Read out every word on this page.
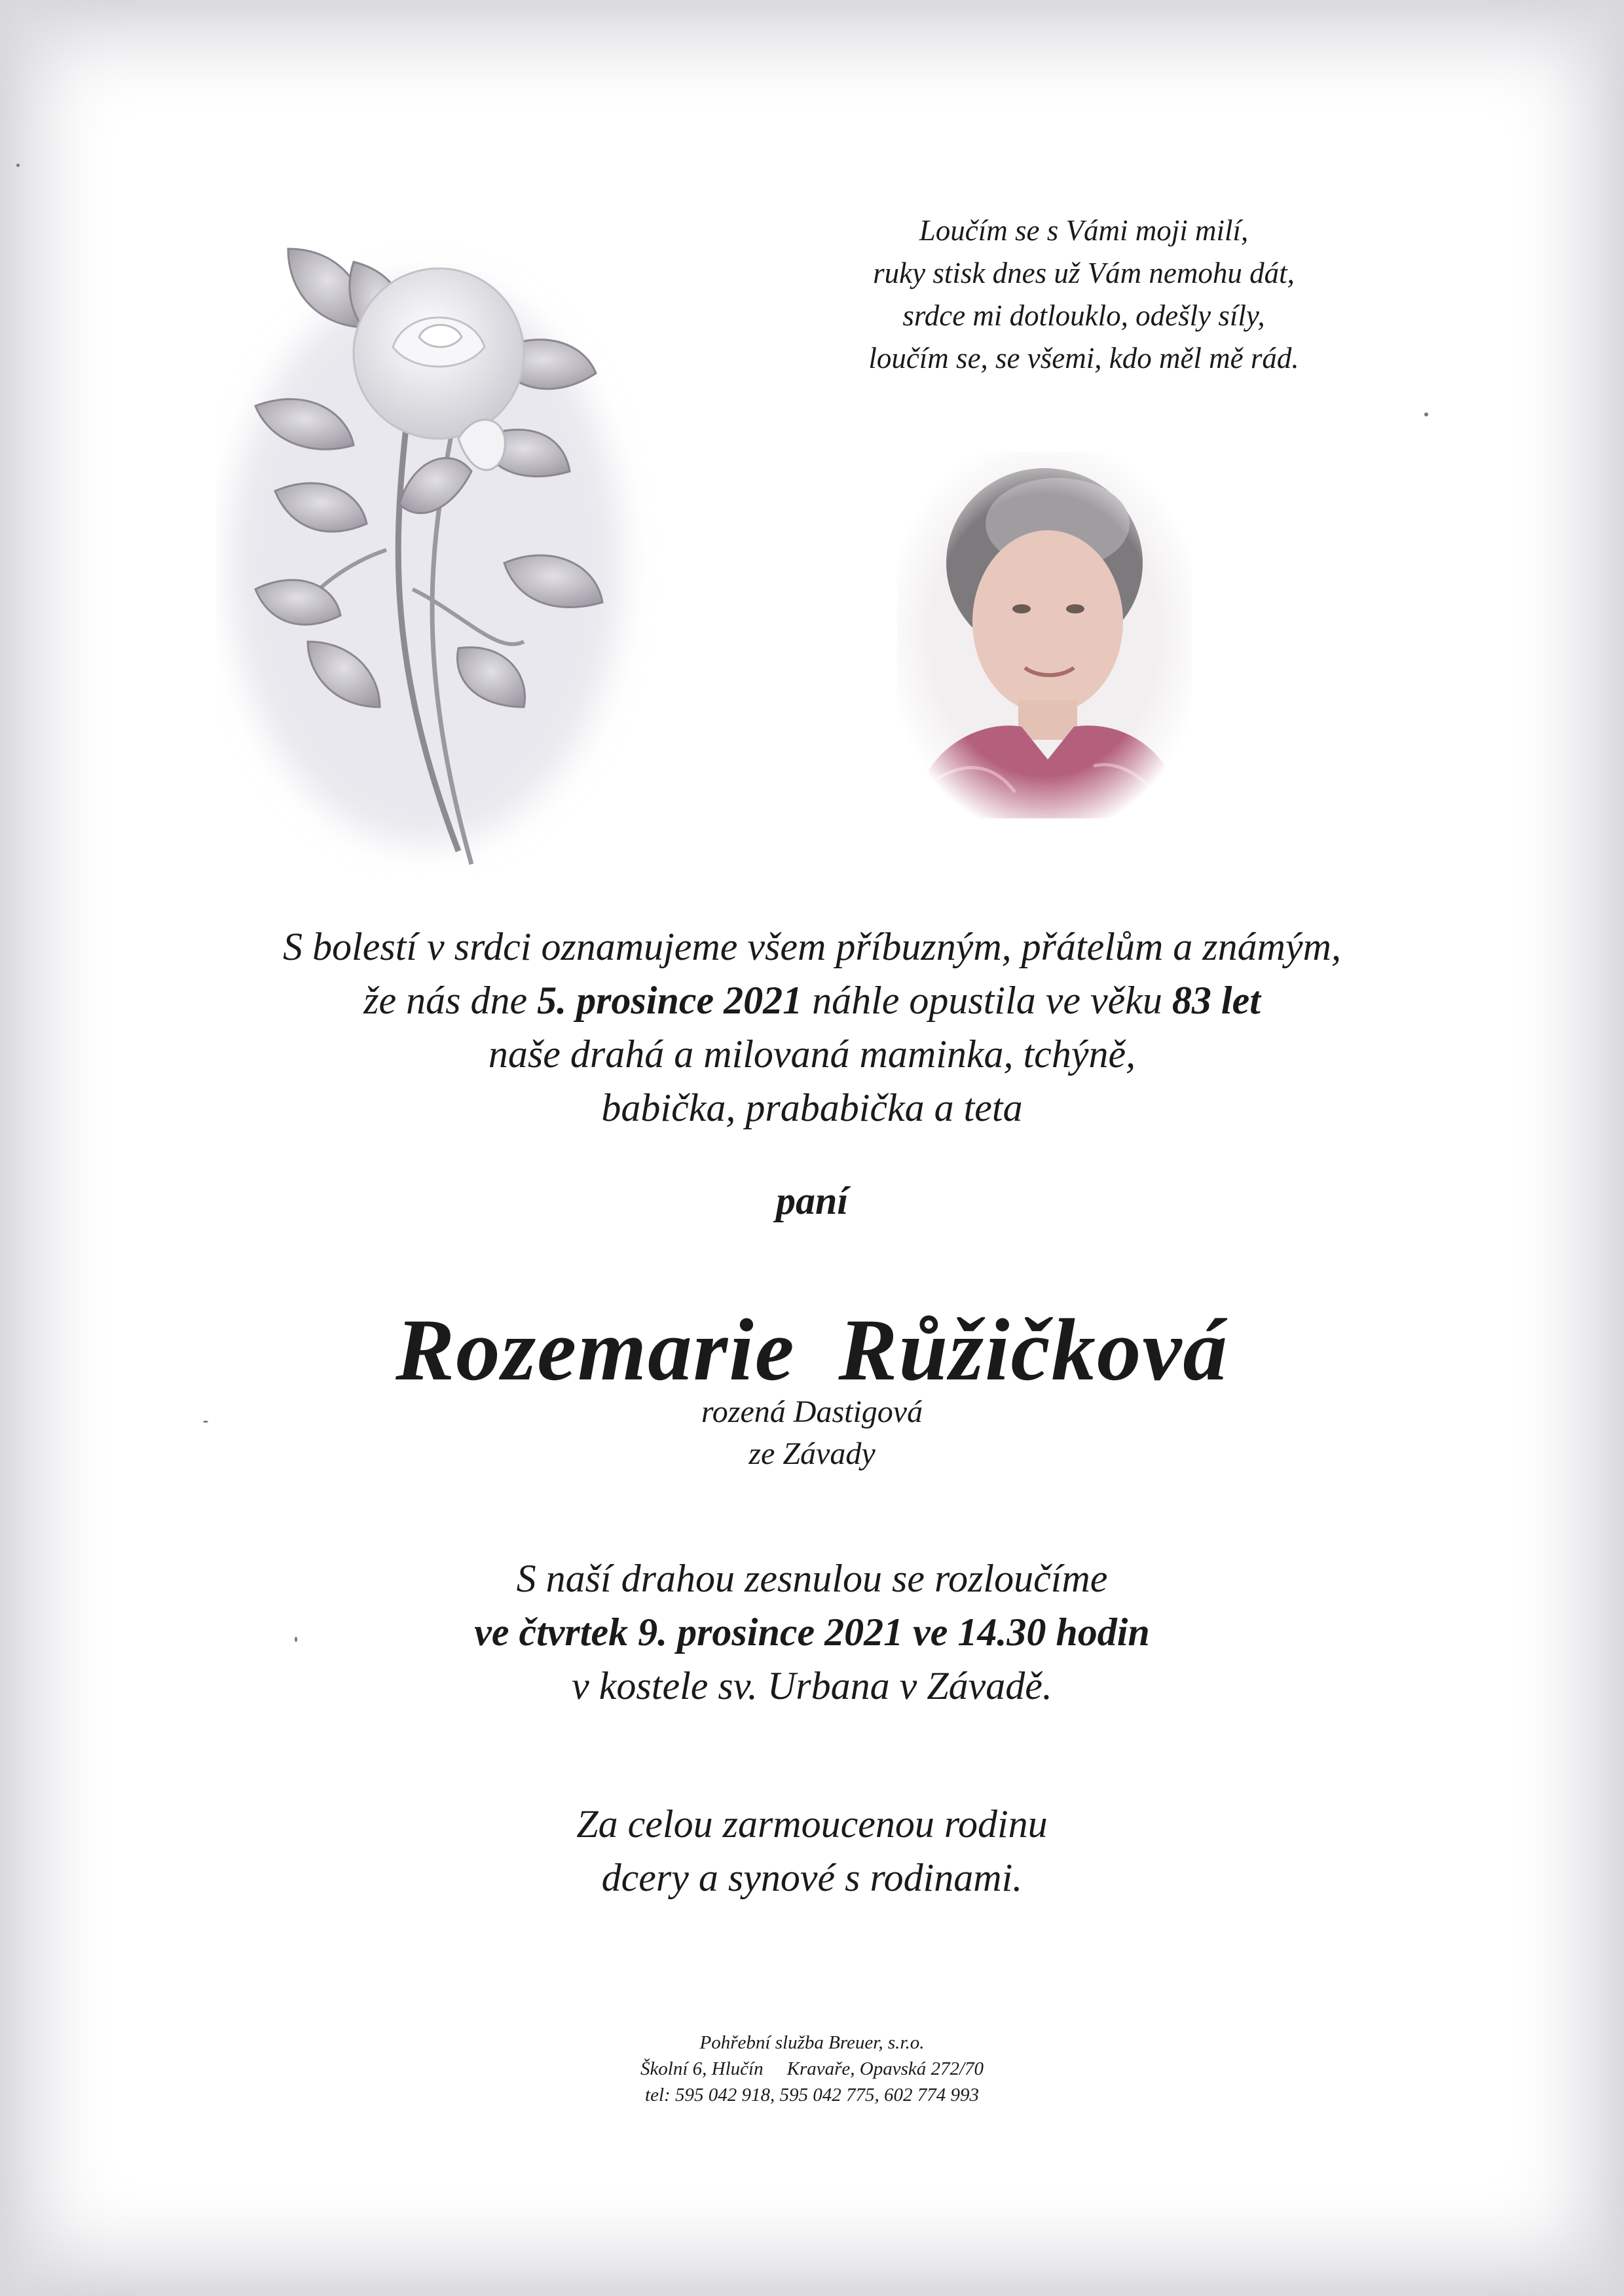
Loučím se s Vámi moji milí,
ruky stisk dnes už Vám nemohu dát,
srdce mi dotlouklo, odešly síly,
loučím se, se všemi, kdo měl mě rád.
S bolestí v srdci oznamujeme všem příbuzným, přátelům a známým,
že nás dne 5. prosince 2021 náhle opustila ve věku 83 let
naše drahá a milovaná maminka, tchýně,
babička, prababička a teta
paní
Rozemarie Růžičková
rozená Dastigová
ze Závady
S naší drahou zesnulou se rozloučíme
ve čtvrtek 9. prosince 2021 ve 14.30 hodin
v kostele sv. Urbana v Závadě.
Za celou zarmoucenou rodinu
dcery a synové s rodinami.
Pohřební služba Breuer, s.r.o.
Školní 6, Hlučín Kravaře, Opavská 272/70
tel: 595 042 918, 595 042 775, 602 774 993
